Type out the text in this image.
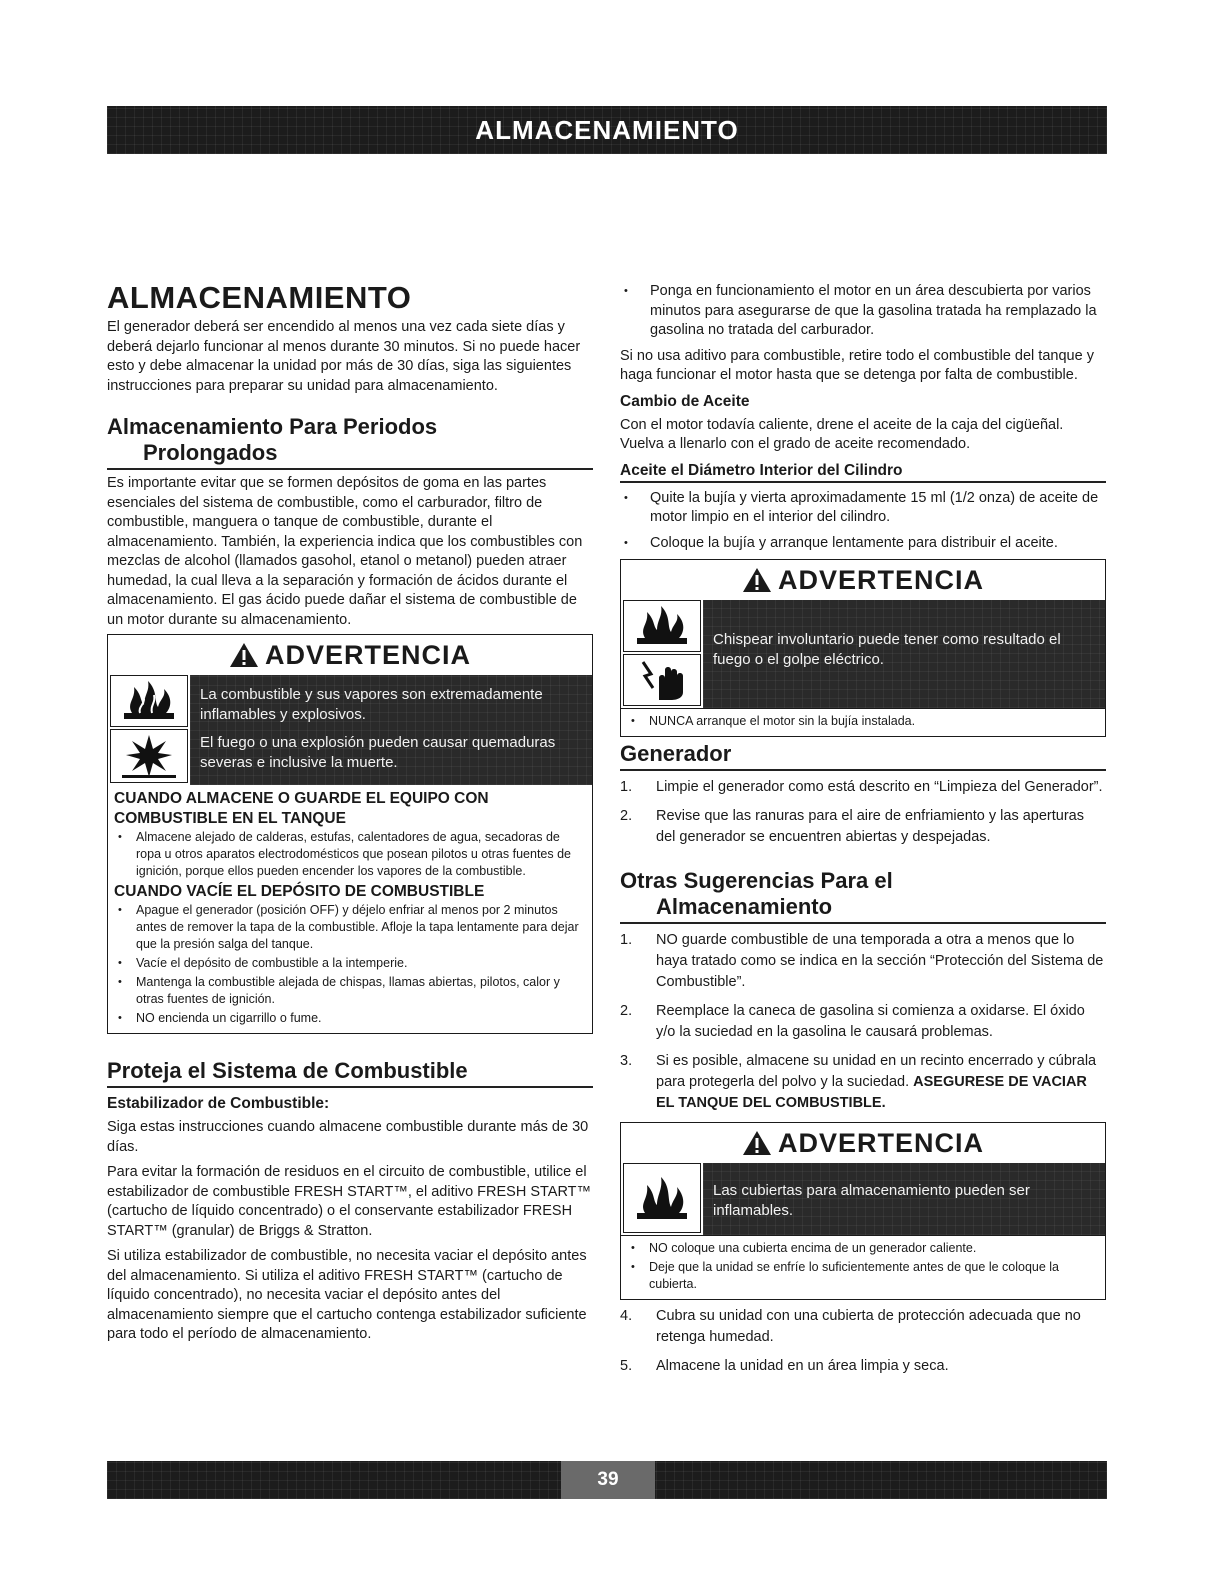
ALMACENAMIENTO
ALMACENAMIENTO

El generador deberá ser encendido al menos una vez cada siete días y deberá dejarlo funcionar al menos durante 30 minutos. Si no puede hacer esto y debe almacenar la unidad por más de 30 días, siga las siguientes instrucciones para preparar su unidad para almacenamiento.

Almacenamiento Para Periodos
Prolongados

Es importante evitar que se formen depósitos de goma en las partes esenciales del sistema de combustible, como el carburador, filtro de combustible, manguera o tanque de combustible, durante el almacenamiento. También, la experiencia indica que los combustibles con mezclas de alcohol (llamados gasohol, etanol o metanol) pueden atraer humedad, la cual lleva a la separación y formación de ácidos durante el almacenamiento. El gas ácido puede dañar el sistema de combustible de un motor durante su almacenamiento.

ADVERTENCIA
La combustible y sus vapores son extremadamente inflamables y explosivos.
El fuego o una explosión pueden causar quemaduras severas e inclusive la muerte.
CUANDO ALMACENE O GUARDE EL EQUIPO CON COMBUSTIBLE EN EL TANQUE
• Almacene alejado de calderas, estufas, calentadores de agua, secadoras de ropa u otros aparatos electrodomésticos que posean pilotos u otras fuentes de ignición, porque ellos pueden encender los vapores de la combustible.
CUANDO VACÍE EL DEPÓSITO DE COMBUSTIBLE
• Apague el generador (posición OFF) y déjelo enfriar al menos por 2 minutos antes de remover la tapa de la combustible. Afloje la tapa lentamente para dejar que la presión salga del tanque.
• Vacíe el depósito de combustible a la intemperie.
• Mantenga la combustible alejada de chispas, llamas abiertas, pilotos, calor y otras fuentes de ignición.
• NO encienda un cigarrillo o fume.
Proteja el Sistema de Combustible
Estabilizador de Combustible:

Siga estas instrucciones cuando almacene combustible durante más de 30 días.

Para evitar la formación de residuos en el circuito de combustible, utilice el estabilizador de combustible FRESH START™, el aditivo FRESH START™ (cartucho de líquido concentrado) o el conservante estabilizador FRESH START™ (granular) de Briggs & Stratton.

Si utiliza estabilizador de combustible, no necesita vaciar el depósito antes del almacenamiento. Si utiliza el aditivo FRESH START™ (cartucho de líquido concentrado), no necesita vaciar el depósito antes del almacenamiento siempre que el cartucho contenga estabilizador suficiente para todo el período de almacenamiento.

• Ponga en funcionamiento el motor en un área descubierta por varios minutos para asegurarse de que la gasolina tratada ha remplazado la gasolina no tratada del carburador.

Si no usa aditivo para combustible, retire todo el combustible del tanque y haga funcionar el motor hasta que se detenga por falta de combustible.

Cambio de Aceite

Con el motor todavía caliente, drene el aceite de la caja del cigüeñal. Vuelva a llenarlo con el grado de aceite recomendado.

Aceite el Diámetro Interior del Cilindro
• Quite la bujía y vierta aproximadamente 15 ml (1/2 onza) de aceite de motor limpio en el interior del cilindro.
• Coloque la bujía y arranque lentamente para distribuir el aceite.
ADVERTENCIA
Chispear involuntario puede tener como resultado el fuego o el golpe eléctrico.
• NUNCA arranque el motor sin la bujía instalada.
Generador
1. Limpie el generador como está descrito en “Limpieza del Generador”.
2. Revise que las ranuras para el aire de enfriamiento y las aperturas del generador se encuentren abiertas y despejadas.
Otras Sugerencias Para el
Almacenamiento
1. NO guarde combustible de una temporada a otra a menos que lo haya tratado como se indica en la sección “Protección del Sistema de Combustible”.
2. Reemplace la caneca de gasolina si comienza a oxidarse. El óxido y/o la suciedad en la gasolina le causará problemas.
3. Si es posible, almacene su unidad en un recinto encerrado y cúbrala para protegerla del polvo y la suciedad. ASEGURESE DE VACIAR EL TANQUE DEL COMBUSTIBLE.
ADVERTENCIA
Las cubiertas para almacenamiento pueden ser inflamables.
• NO coloque una cubierta encima de un generador caliente.
• Deje que la unidad se enfríe lo suficientemente antes de que le coloque la cubierta.
4. Cubra su unidad con una cubierta de protección adecuada que no retenga humedad.
5. Almacene la unidad en un área limpia y seca.
39
